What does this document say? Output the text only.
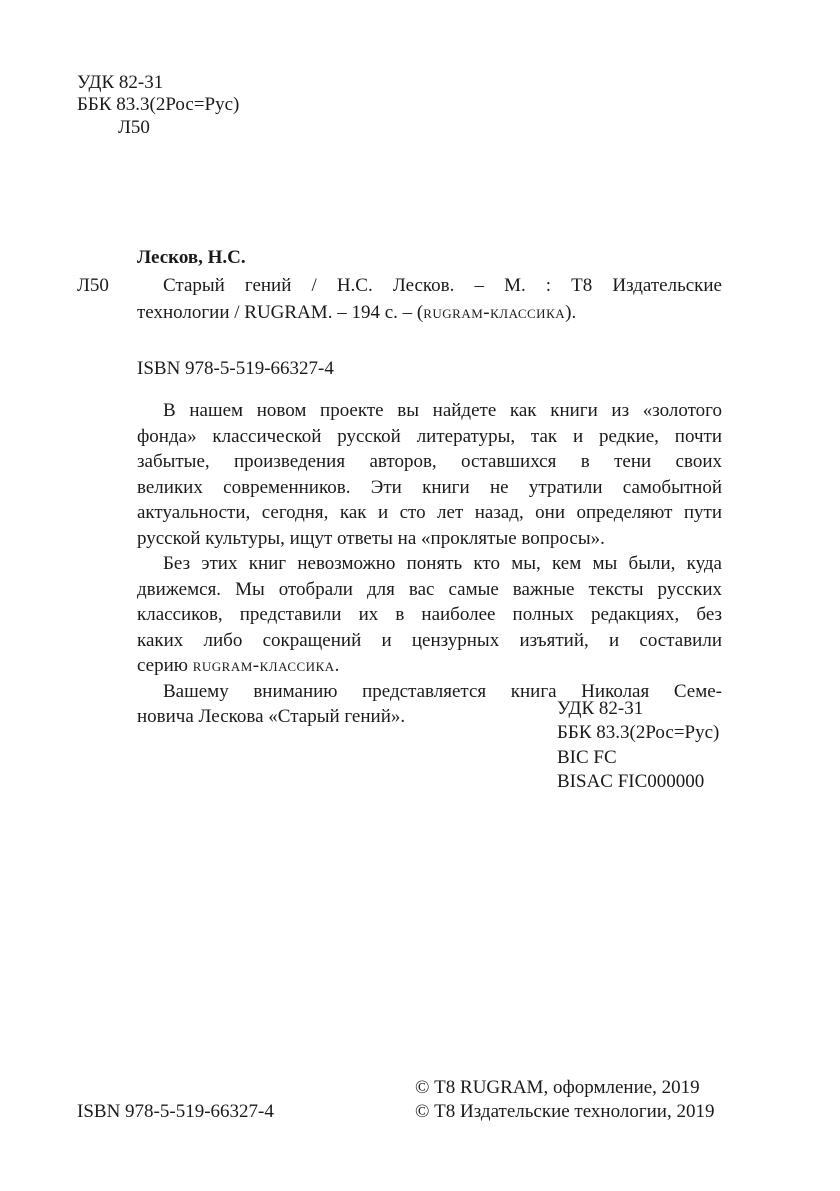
УДК 82-31
ББК 83.3(2Рос=Рус)
Л50
Лесков, Н.С.
Л50	Старый гений / Н.С. Лесков. – М. : Т8 Издательские
технологии / RUGRAM. – 194 с. – (rugram-классика).
ISBN 978-5-519-66327-4
В нашем новом проекте вы найдете как книги из «золотого
фонда» классической русской литературы, так и редкие, почти
забытые, произведения авторов, оставшихся в тени своих
великих современников. Эти книги не утратили самобытной
актуальности, сегодня, как и сто лет назад, они определяют пути
русской культуры, ищут ответы на «проклятые вопросы».
Без этих книг невозможно понять кто мы, кем мы были, куда
движемся. Мы отобрали для вас самые важные тексты русских
классиков, представили их в наиболее полных редакциях, без
каких либо сокращений и цензурных изъятий, и составили
серию rugram-классика.
Вашему вниманию представляется книга Николая Семе-
новича Лескова «Старый гений».	УДК 82-31
ББК 83.3(2Рос=Рус)
BIC FC
BISAC FIC000000
© Т8 RUGRAM, оформление, 2019
© Т8 Издательские технологии, 2019
ISBN 978-5-519-66327-4
